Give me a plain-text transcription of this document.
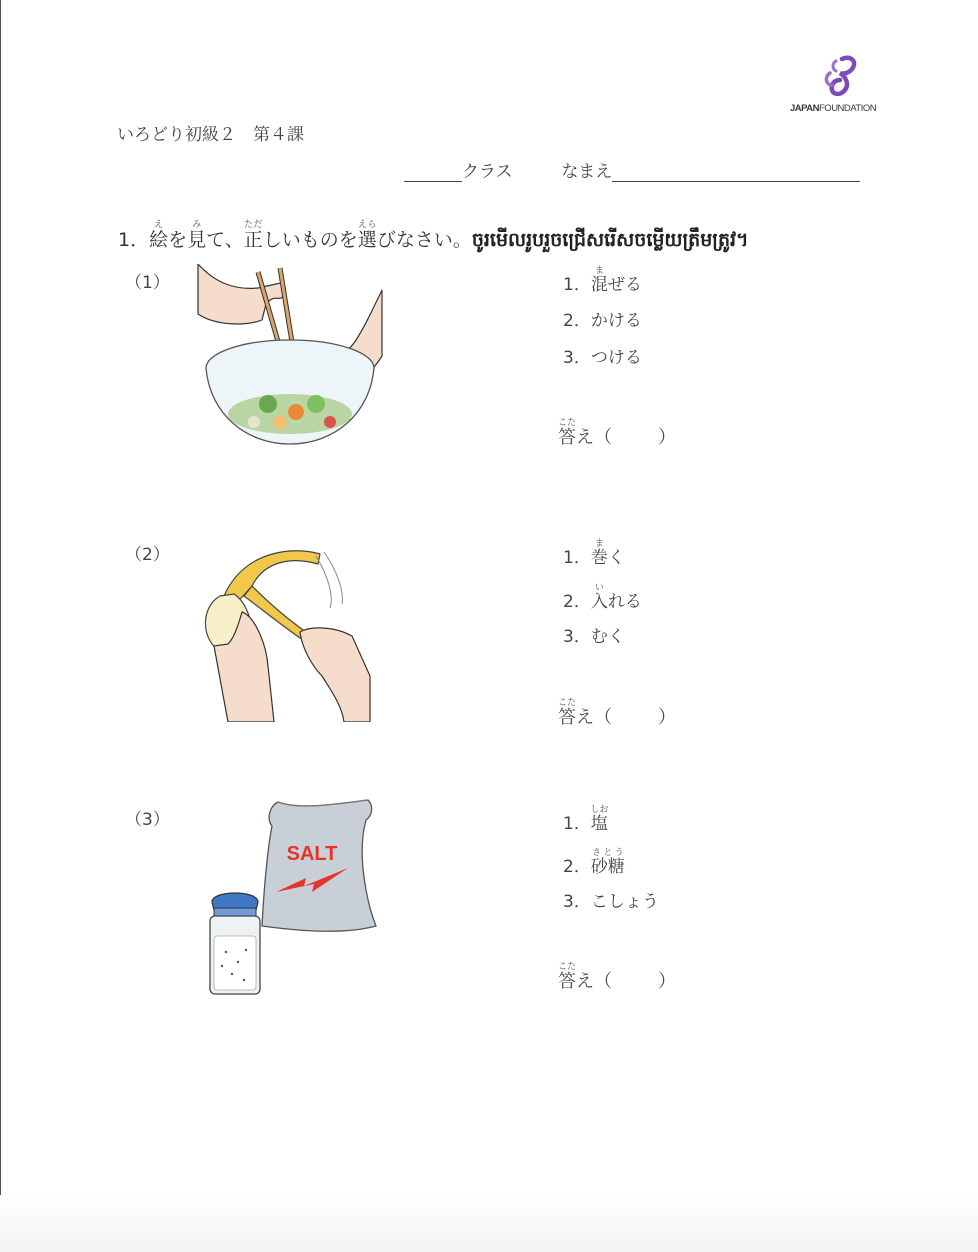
JAPANFOUNDATION
いろどり初級２　第４課
クラス	なまえ
1．絵えを見みて、正ただしいものを選えらびなさい。ចូរមើលរូបរួចជ្រើសរើសចម្លើយត្រឹមត្រូវ។
（1）	1．混まぜる
2．かける
3．つける
答こたえ（	）
（2）	1．巻まく
2．入いれる
3．むく
答こたえ（	）
（3）
SALT
1．塩しお
2．砂糖さとう
3．こしょう
答こたえ（	）
